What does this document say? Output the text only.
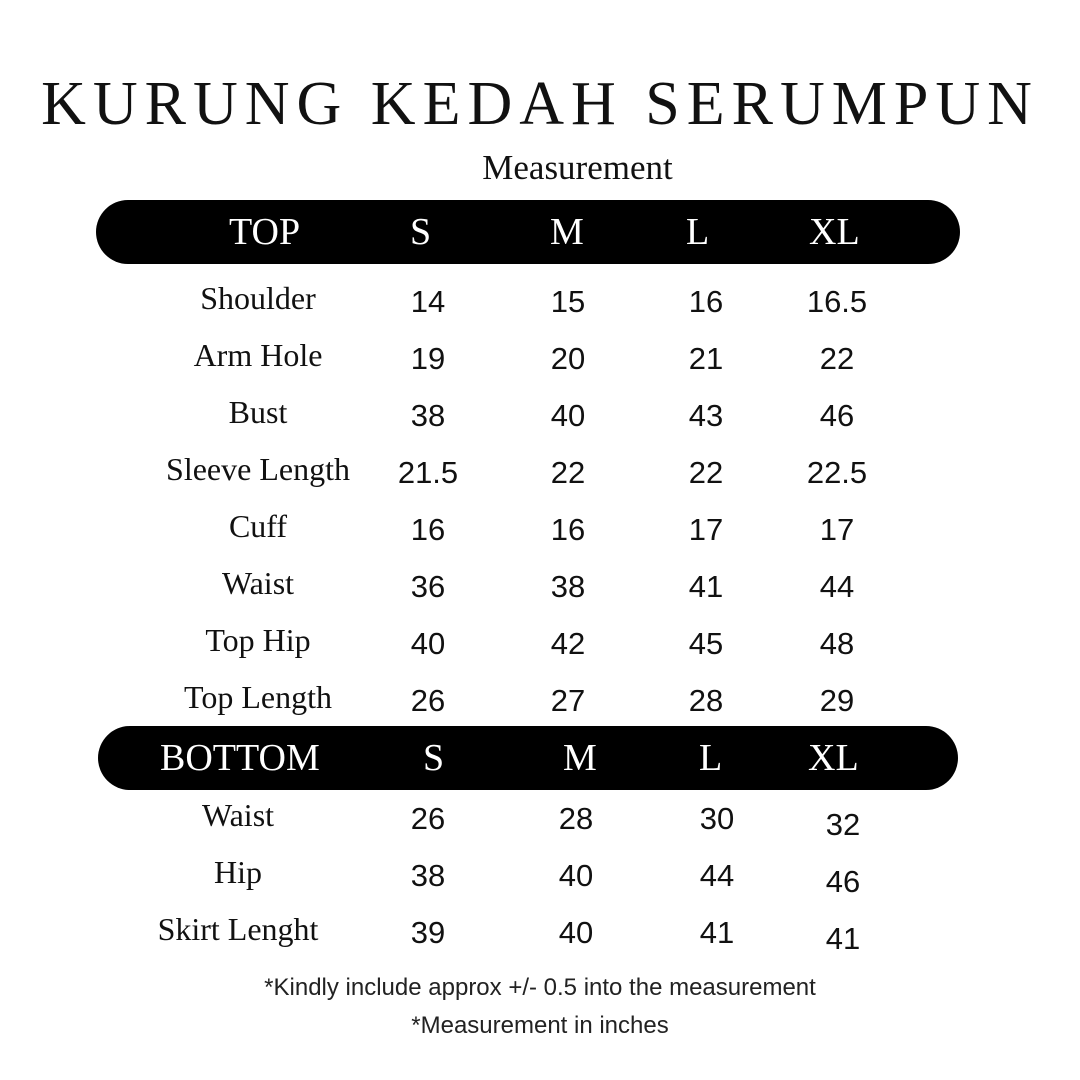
KURUNG KEDAH SERUMPUN
Measurement
TOP	S	M	L	XL
Shoulder	14	15	16	16.5
Arm Hole	19	20	21	22
Bust	38	40	43	46
Sleeve Length	21.5	22	22	22.5
Cuff	16	16	17	17
Waist	36	38	41	44
Top Hip	40	42	45	48
Top Length	26	27	28	29
BOTTOM	S	M	L XL
Waist	26	28	30	32
Hip	38	40	44	46
Skirt Lenght	39	40	41	41
*Kindly include approx +/- 0.5 into the measurement
*Measurement in inches
